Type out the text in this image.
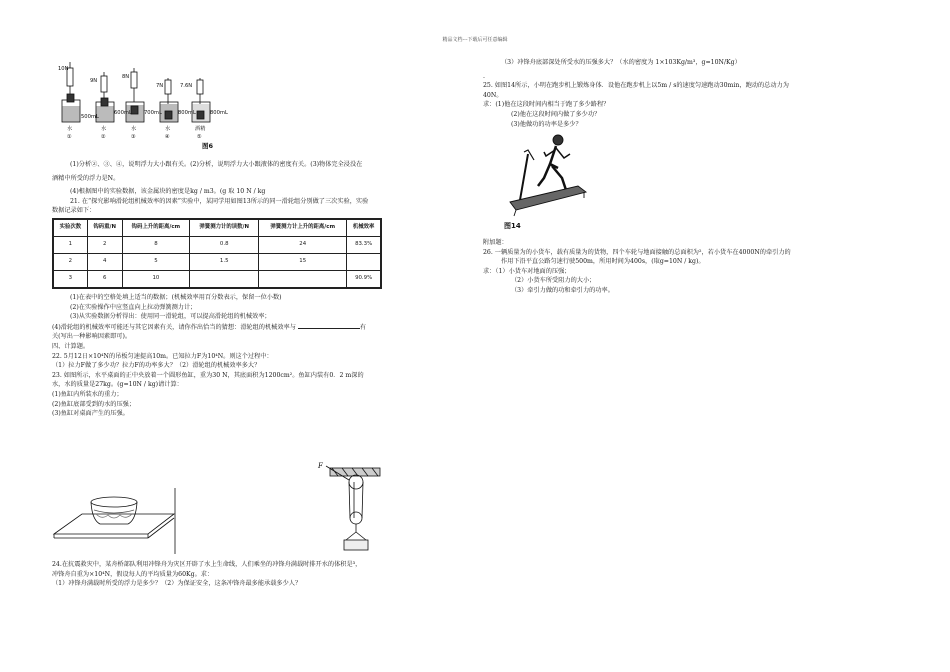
精品文档---下载后可任意编辑
10N
9N
8N
7N	7.6N
500mL
600mL 700mL	800mL	800mL
水	水	水	水	酒精
①	②	③	④	⑤
图6

(1)分析②、③、④，说明浮力大小跟有关。(2)分析，说明浮力大小跟液体的密度有关。(3)物体完全浸没在

酒精中所受的浮力是N。

(4)根据图中的实验数据，该金属块的密度是kg / m3。(g 取 10 N / kg

21. 在“探究影响滑轮组机械效率的因素”实验中，某同学用如图13所示的同一滑轮组分别做了三次实验，实验

数据记录如下：

实验次数	钩码重/N	钩码上升的距离/cm	弹簧测力计的读数/N	弹簧测力计上升的距离/cm	机械效率
1	2	8	0.8	24	83.3%
2	4	5	1.5	15	
3	6	10			90.9%

(1)在表中的空格处填上适当的数据；(机械效率用百分数表示，保留一位小数)

(2)在实验操作中应竖直向上拉动弹簧测力计；

(3)从实验数据分析得出：使用同一滑轮组，可以提高滑轮组的机械效率；

(4)滑轮组的机械效率可能还与其它因素有关，请你作出恰当的猜想：滑轮组的机械效率与	有

关(写出一种影响因素即可)。

四、计算题。

22. 5月12日×10⁴N的吊板匀速提高10m。已知拉力F为10⁴N。则这个过程中：

（1）拉力F做了多少功？拉力F的功率多大？（2）滑轮组的机械效率多大？

23. 如图所示，水平桌面的正中央放着一个圆形鱼缸，重为30 N，其底面积为1200cm²。鱼缸内装有0．2 m深的

水，水的质量是27kg。(g=10N / kg)请计算：

(1)鱼缸内所装水的重力；

(2)鱼缸底部受到的水的压强；

(3)鱼缸对桌面产生的压强。

F

24.在抗震救灾中，某舟桥部队利用冲锋舟为灾区开辟了水上生命线，人们乘坐的冲锋舟满载时排开水的体积是³，

冲锋舟自重为×10⁴N，假设每人的平均质量为60Kg。求：

（1）冲锋舟满载时所受的浮力是多少？（2）为保证安全，这条冲锋舟最多能承载多少人？

（3）冲锋舟底部深处所受水的压强多大？（水的密度为 1×103Kg/m³，g=10N/Kg）

.

25. 如图14所示，小明在跑步机上锻炼身体．设他在跑步机上以5m / s的速度匀速跑动30min，跑动的总动力为

40N。

求：(1)他在这段时间内相当于跑了多少路程？

(2)他在这段时间内做了多少功？

(3)他做功的功率是多少？

图14

附加题：

26. 一辆质量为的小货车，载有质量为的货物，四个车轮与地面接触的总面积为²，若小货车在4000N的牵引力的

作用下沿平直公路匀速行驶500m，所用时间为400s，(取g=10N / kg)。

求：（1）小货车对地面的压强；

（2）小货车所受阻力的大小；

（3）牵引力做的功和牵引力的功率。
